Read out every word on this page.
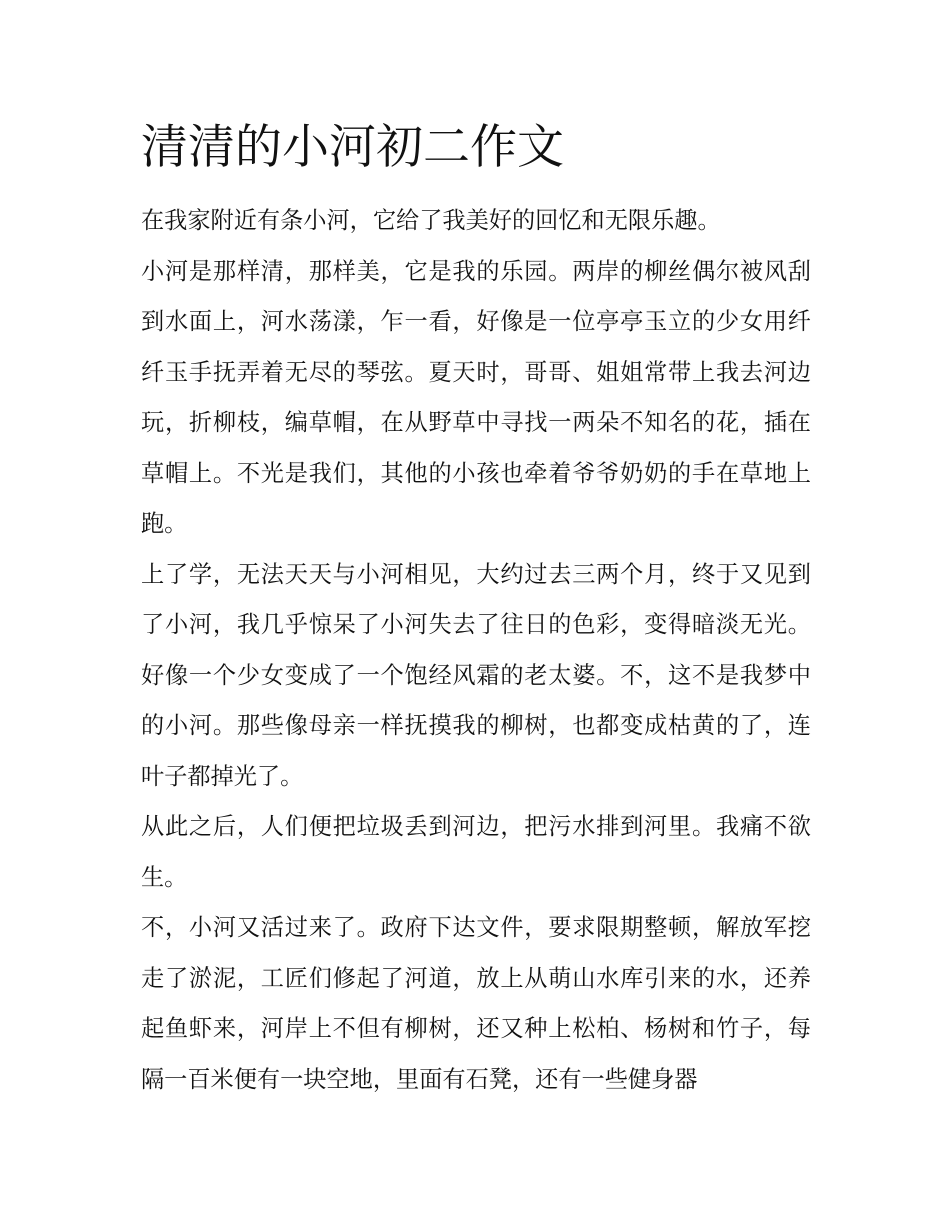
清清的小河初二作文

在我家附近有条小河，它给了我美好的回忆和无限乐趣。

小河是那样清，那样美，它是我的乐园。两岸的柳丝偶尔被风刮到水面上，河水荡漾，乍一看，好像是一位亭亭玉立的少女用纤纤玉手抚弄着无尽的琴弦。夏天时，哥哥、姐姐常带上我去河边玩，折柳枝，编草帽，在从野草中寻找一两朵不知名的花，插在草帽上。不光是我们，其他的小孩也牵着爷爷奶奶的手在草地上跑。

上了学，无法天天与小河相见，大约过去三两个月，终于又见到了小河，我几乎惊呆了小河失去了往日的色彩，变得暗淡无光。好像一个少女变成了一个饱经风霜的老太婆。不，这不是我梦中的小河。那些像母亲一样抚摸我的柳树，也都变成枯黄的了，连叶子都掉光了。

从此之后，人们便把垃圾丢到河边，把污水排到河里。我痛不欲生。

不，小河又活过来了。政府下达文件，要求限期整顿，解放军挖走了淤泥，工匠们修起了河道，放上从萌山水库引来的水，还养起鱼虾来，河岸上不但有柳树，还又种上松柏、杨树和竹子，每隔一百米便有一块空地，里面有石凳，还有一些健身器
